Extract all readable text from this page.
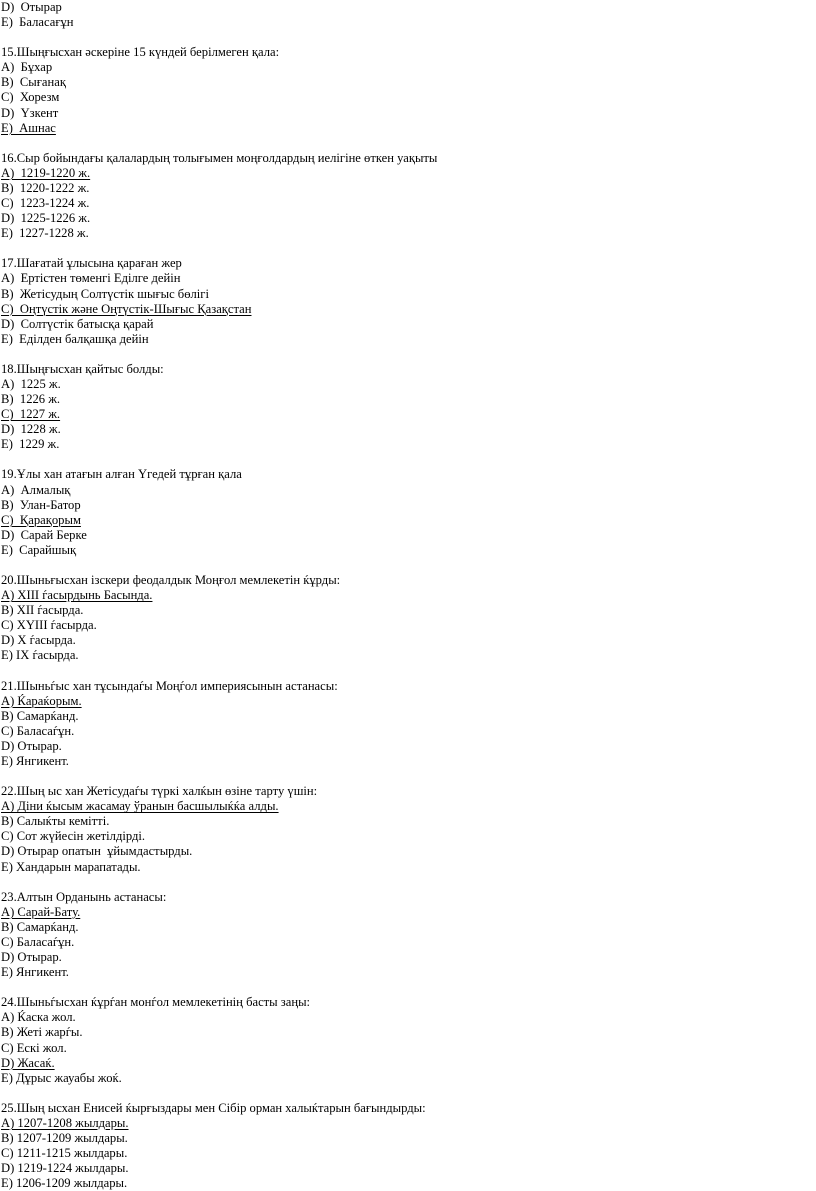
D)  Отырар
E)  Баласағұн
15.Шыңғысхан әскеріне 15 күндей берілмеген қала:
A)  Бұхар
B)  Сығанақ
C)  Хорезм
D)  Үзкент
E)  Ашнас
16.Сыр бойындағы қалалардың толығымен моңғолдардың иелігіне өткен уақыты
A)  1219-1220 ж.
B)  1220-1222 ж.
C)  1223-1224 ж.
D)  1225-1226 ж.
E)  1227-1228 ж.
17.Шағатай ұлысына қараған жер
A)  Ертістен төменгі Еділге дейін
B)  Жетісудың Солтүстік шығыс бөлігі
C)  Оңтүстік және Оңтүстік-Шығыс Қазақстан
D)  Солтүстік батысқа қарай
E)  Еділден балқашқа дейін
18.Шыңғысхан қайтыс болды:
A)  1225 ж.
B)  1226 ж.
C)  1227 ж.
D)  1228 ж.
E)  1229 ж.
19.Ұлы хан атағын алған Үгедей тұрған қала
A)  Алмалық
B)  Улан-Батор
C)  Қарақорым
D)  Сарай Берке
E)  Сарайшық
20.Шыньғысхан ізскери феодалдык Моңғол мемлекетін ќұрды:
A) XIII ѓасырдынь Басында.
B) XII ѓасырда.
C) XYIII ѓасырда.
D) X ѓасырда.
E) IX ѓасырда.
21.Шыньѓыс хан тұсындаѓы Моңѓол империясынын астанасы:
A) Ќараќорым.
B) Самарќанд.
C) Баласаѓұн.
D) Отырар.
E) Янгикент.
22.Шың ыс хан Жетісудаѓы түркі халќын өзіне тарту үшін:
A) Діни ќысым жасамау ўранын басшылыќќа алды.
B) Салыќты кемітті.
C) Сот жүйесін жетілдірді.
D) Отырар опатын  ұйымдастырды.
E) Хандарын марапатады.
23.Алтын Орданынь астанасы:
A) Сарай-Бату.
B) Самарќанд.
C) Баласаѓұн.
D) Отырар.
E) Янгикент.
24.Шыньѓысхан ќұрѓан монѓол мемлекетінің басты заңы:
A) Ќаска жол.
B) Жеті жарѓы.
C) Ескі жол.
D) Жасаќ.
E) Дұрыс жауабы жоќ.
25.Шың ысхан Енисей ќырғыздары мен Сібір орман халыќтарын бағындырды:
A) 1207-1208 жылдары.
B) 1207-1209 жылдары.
C) 1211-1215 жылдары.
D) 1219-1224 жылдары.
E) 1206-1209 жылдары.
